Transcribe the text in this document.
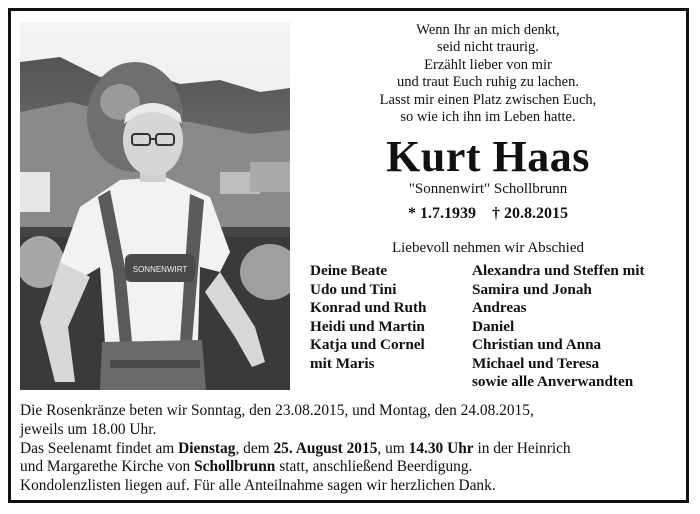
SONNENWIRT
Wenn Ihr an mich denkt,
seid nicht traurig.
Erzählt lieber von mir
und traut Euch ruhig zu lachen.
Lasst mir einen Platz zwischen Euch,
so wie ich ihn im Leben hatte.
Kurt Haas
"Sonnenwirt" Schollbrunn
* 1.7.1939 † 20.8.2015
Liebevoll nehmen wir Abschied
Deine Beate
Udo und Tini
Konrad und Ruth
Heidi und Martin
Katja und Cornel
mit Maris
Alexandra und Steffen mit
Samira und Jonah
Andreas
Daniel
Christian und Anna
Michael und Teresa
sowie alle Anverwandten
Die Rosenkränze beten wir Sonntag, den 23.08.2015, und Montag, den 24.08.2015,
jeweils um 18.00 Uhr.
Das Seelenamt findet am Dienstag, dem 25. August 2015, um 14.30 Uhr in der Heinrich
und Margarethe Kirche von Schollbrunn statt, anschließend Beerdigung.
Kondolenzlisten liegen auf. Für alle Anteilnahme sagen wir herzlichen Dank.
